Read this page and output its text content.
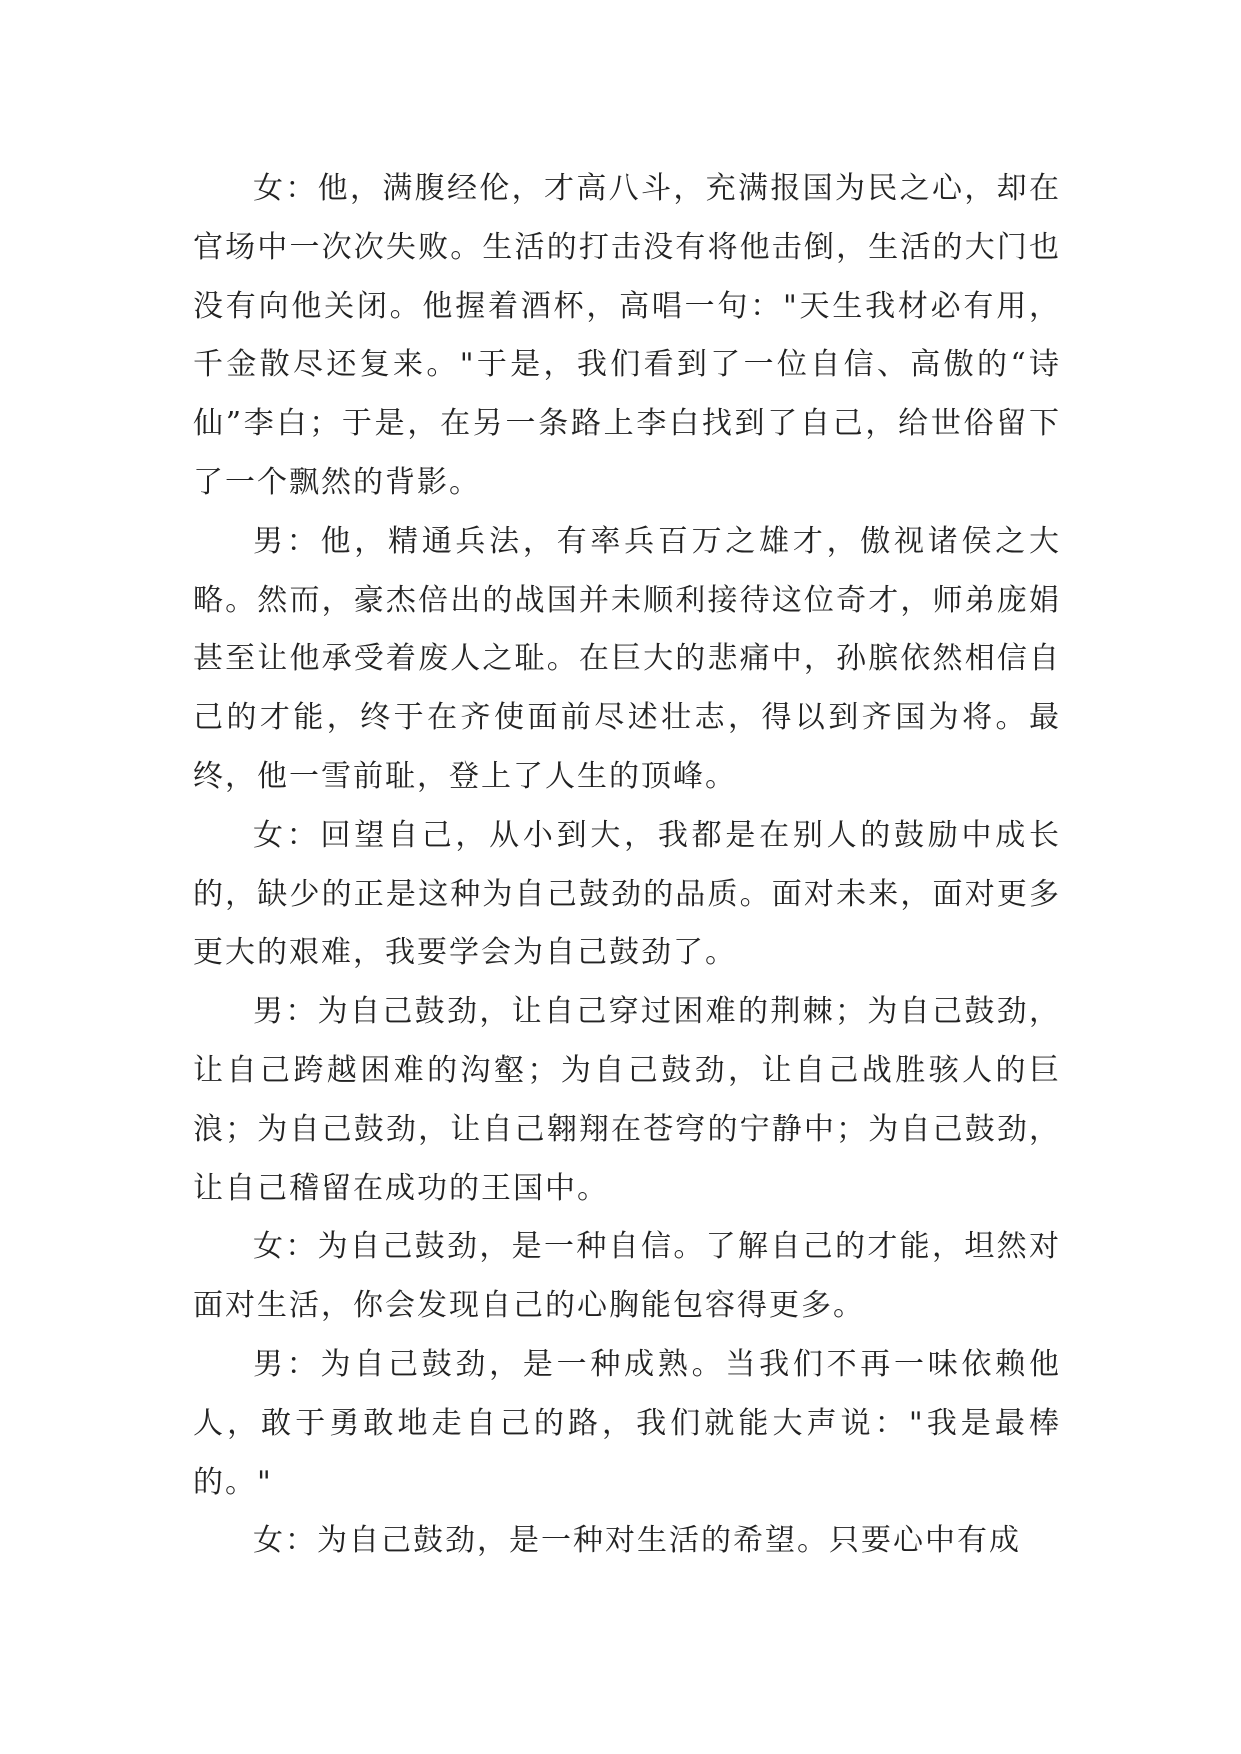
女：他，满腹经伦，才高八斗，充满报国为民之心，却在官场中一次次失败。生活的打击没有将他击倒，生活的大门也没有向他关闭。他握着酒杯，高唱一句："天生我材必有用，千金散尽还复来。"于是，我们看到了一位自信、高傲的“诗仙”李白；于是，在另一条路上李白找到了自己，给世俗留下了一个飘然的背影。

男：他，精通兵法，有率兵百万之雄才，傲视诸侯之大略。然而，豪杰倍出的战国并未顺利接待这位奇才，师弟庞娟甚至让他承受着废人之耻。在巨大的悲痛中，孙膑依然相信自己的才能，终于在齐使面前尽述壮志，得以到齐国为将。最终，他一雪前耻，登上了人生的顶峰。

女：回望自己，从小到大，我都是在别人的鼓励中成长的，缺少的正是这种为自己鼓劲的品质。面对未来，面对更多更大的艰难，我要学会为自己鼓劲了。

男：为自己鼓劲，让自己穿过困难的荆棘；为自己鼓劲，让自己跨越困难的沟壑；为自己鼓劲，让自己战胜骇人的巨浪；为自己鼓劲，让自己翱翔在苍穹的宁静中；为自己鼓劲，让自己稽留在成功的王国中。

女：为自己鼓劲，是一种自信。了解自己的才能，坦然对面对生活，你会发现自己的心胸能包容得更多。

男：为自己鼓劲，是一种成熟。当我们不再一味依赖他人，敢于勇敢地走自己的路，我们就能大声说："我是最棒的。"

女：为自己鼓劲，是一种对生活的希望。只要心中有成
